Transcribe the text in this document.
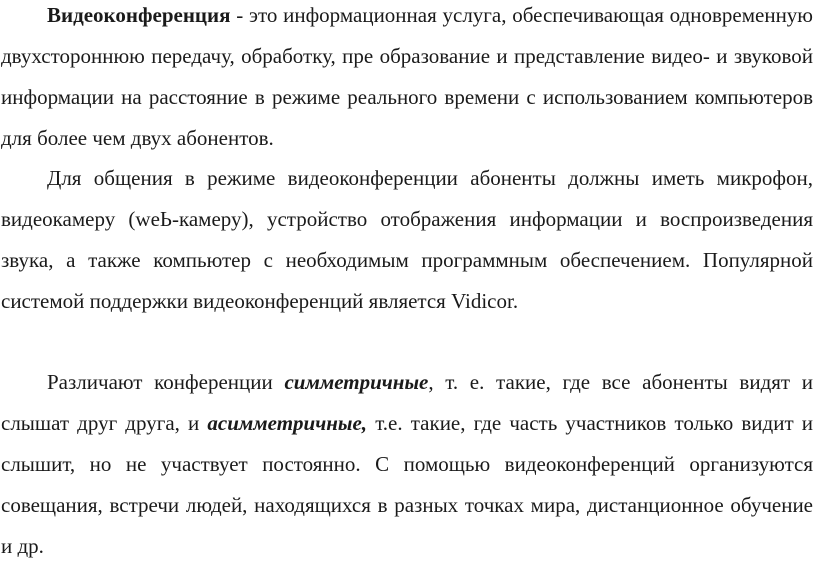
Видеоконференция - это информационная услуга, обеспечивающая одновременную двухстороннюю передачу, обработку, пре образование и представление видео- и звуковой информации на расстояние в режиме реального времени с использованием компьютеров для более чем двух абонентов.

Для общения в режиме видеоконференции абоненты должны иметь микрофон, видеокамеру (weЬ-камеру), устройство отображения информации и воспроизведения звука, а также компьютер с необходимым программным обеспечением. Популярной системой поддержки видеоконференций является Vidicor.

Различают конференции симметричные, т. е. такие, где все абоненты видят и слышат друг друга, и асимметричные, т.е. такие, где часть участников только видит и слышит, но не участвует постоянно. С помощью видеоконференций организуются совещания, встречи людей, находящихся в разных точках мира, дистанционное обучение и др.
